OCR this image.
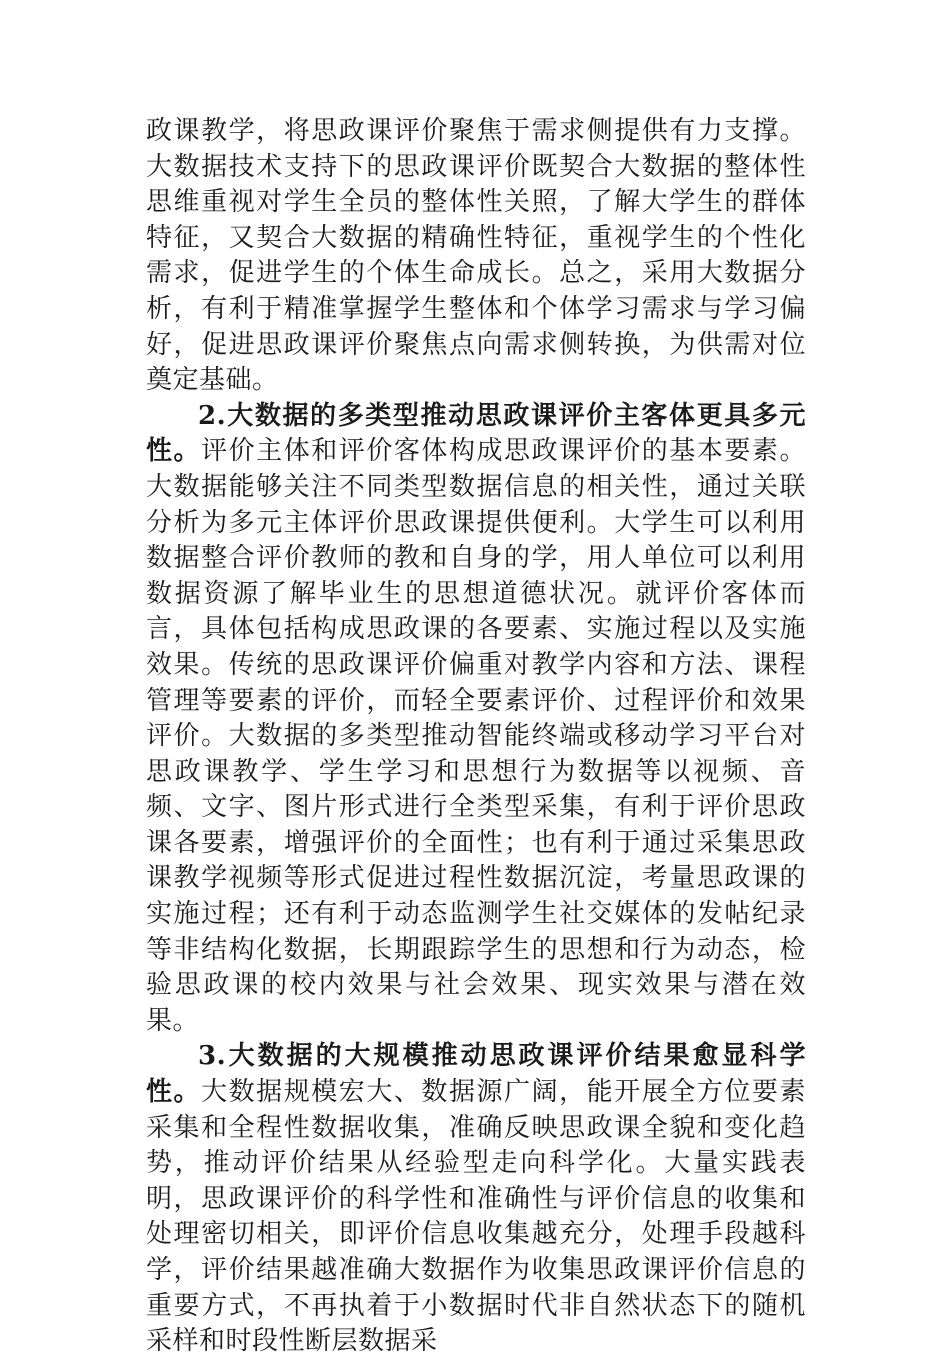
政课教学，将思政课评价聚焦于需求侧提供有力支撑。大数据技术支持下的思政课评价既契合大数据的整体性思维重视对学生全员的整体性关照，了解大学生的群体特征，又契合大数据的精确性特征，重视学生的个性化需求，促进学生的个体生命成长。总之，采用大数据分析，有利于精准掌握学生整体和个体学习需求与学习偏好，促进思政课评价聚焦点向需求侧转换，为供需对位奠定基础。

2.大数据的多类型推动思政课评价主客体更具多元性。评价主体和评价客体构成思政课评价的基本要素。大数据能够关注不同类型数据信息的相关性，通过关联分析为多元主体评价思政课提供便利。大学生可以利用数据整合评价教师的教和自身的学，用人单位可以利用数据资源了解毕业生的思想道德状况。就评价客体而言，具体包括构成思政课的各要素、实施过程以及实施效果。传统的思政课评价偏重对教学内容和方法、课程管理等要素的评价，而轻全要素评价、过程评价和效果评价。大数据的多类型推动智能终端或移动学习平台对思政课教学、学生学习和思想行为数据等以视频、音频、文字、图片形式进行全类型采集，有利于评价思政课各要素，增强评价的全面性；也有利于通过采集思政课教学视频等形式促进过程性数据沉淀，考量思政课的实施过程；还有利于动态监测学生社交媒体的发帖纪录等非结构化数据，长期跟踪学生的思想和行为动态，检验思政课的校内效果与社会效果、现实效果与潜在效果。

3.大数据的大规模推动思政课评价结果愈显科学性。大数据规模宏大、数据源广阔，能开展全方位要素采集和全程性数据收集，准确反映思政课全貌和变化趋势，推动评价结果从经验型走向科学化。大量实践表明，思政课评价的科学性和准确性与评价信息的收集和处理密切相关，即评价信息收集越充分，处理手段越科学，评价结果越准确大数据作为收集思政课评价信息的重要方式，不再执着于小数据时代非自然状态下的随机采样和时段性断层数据采
